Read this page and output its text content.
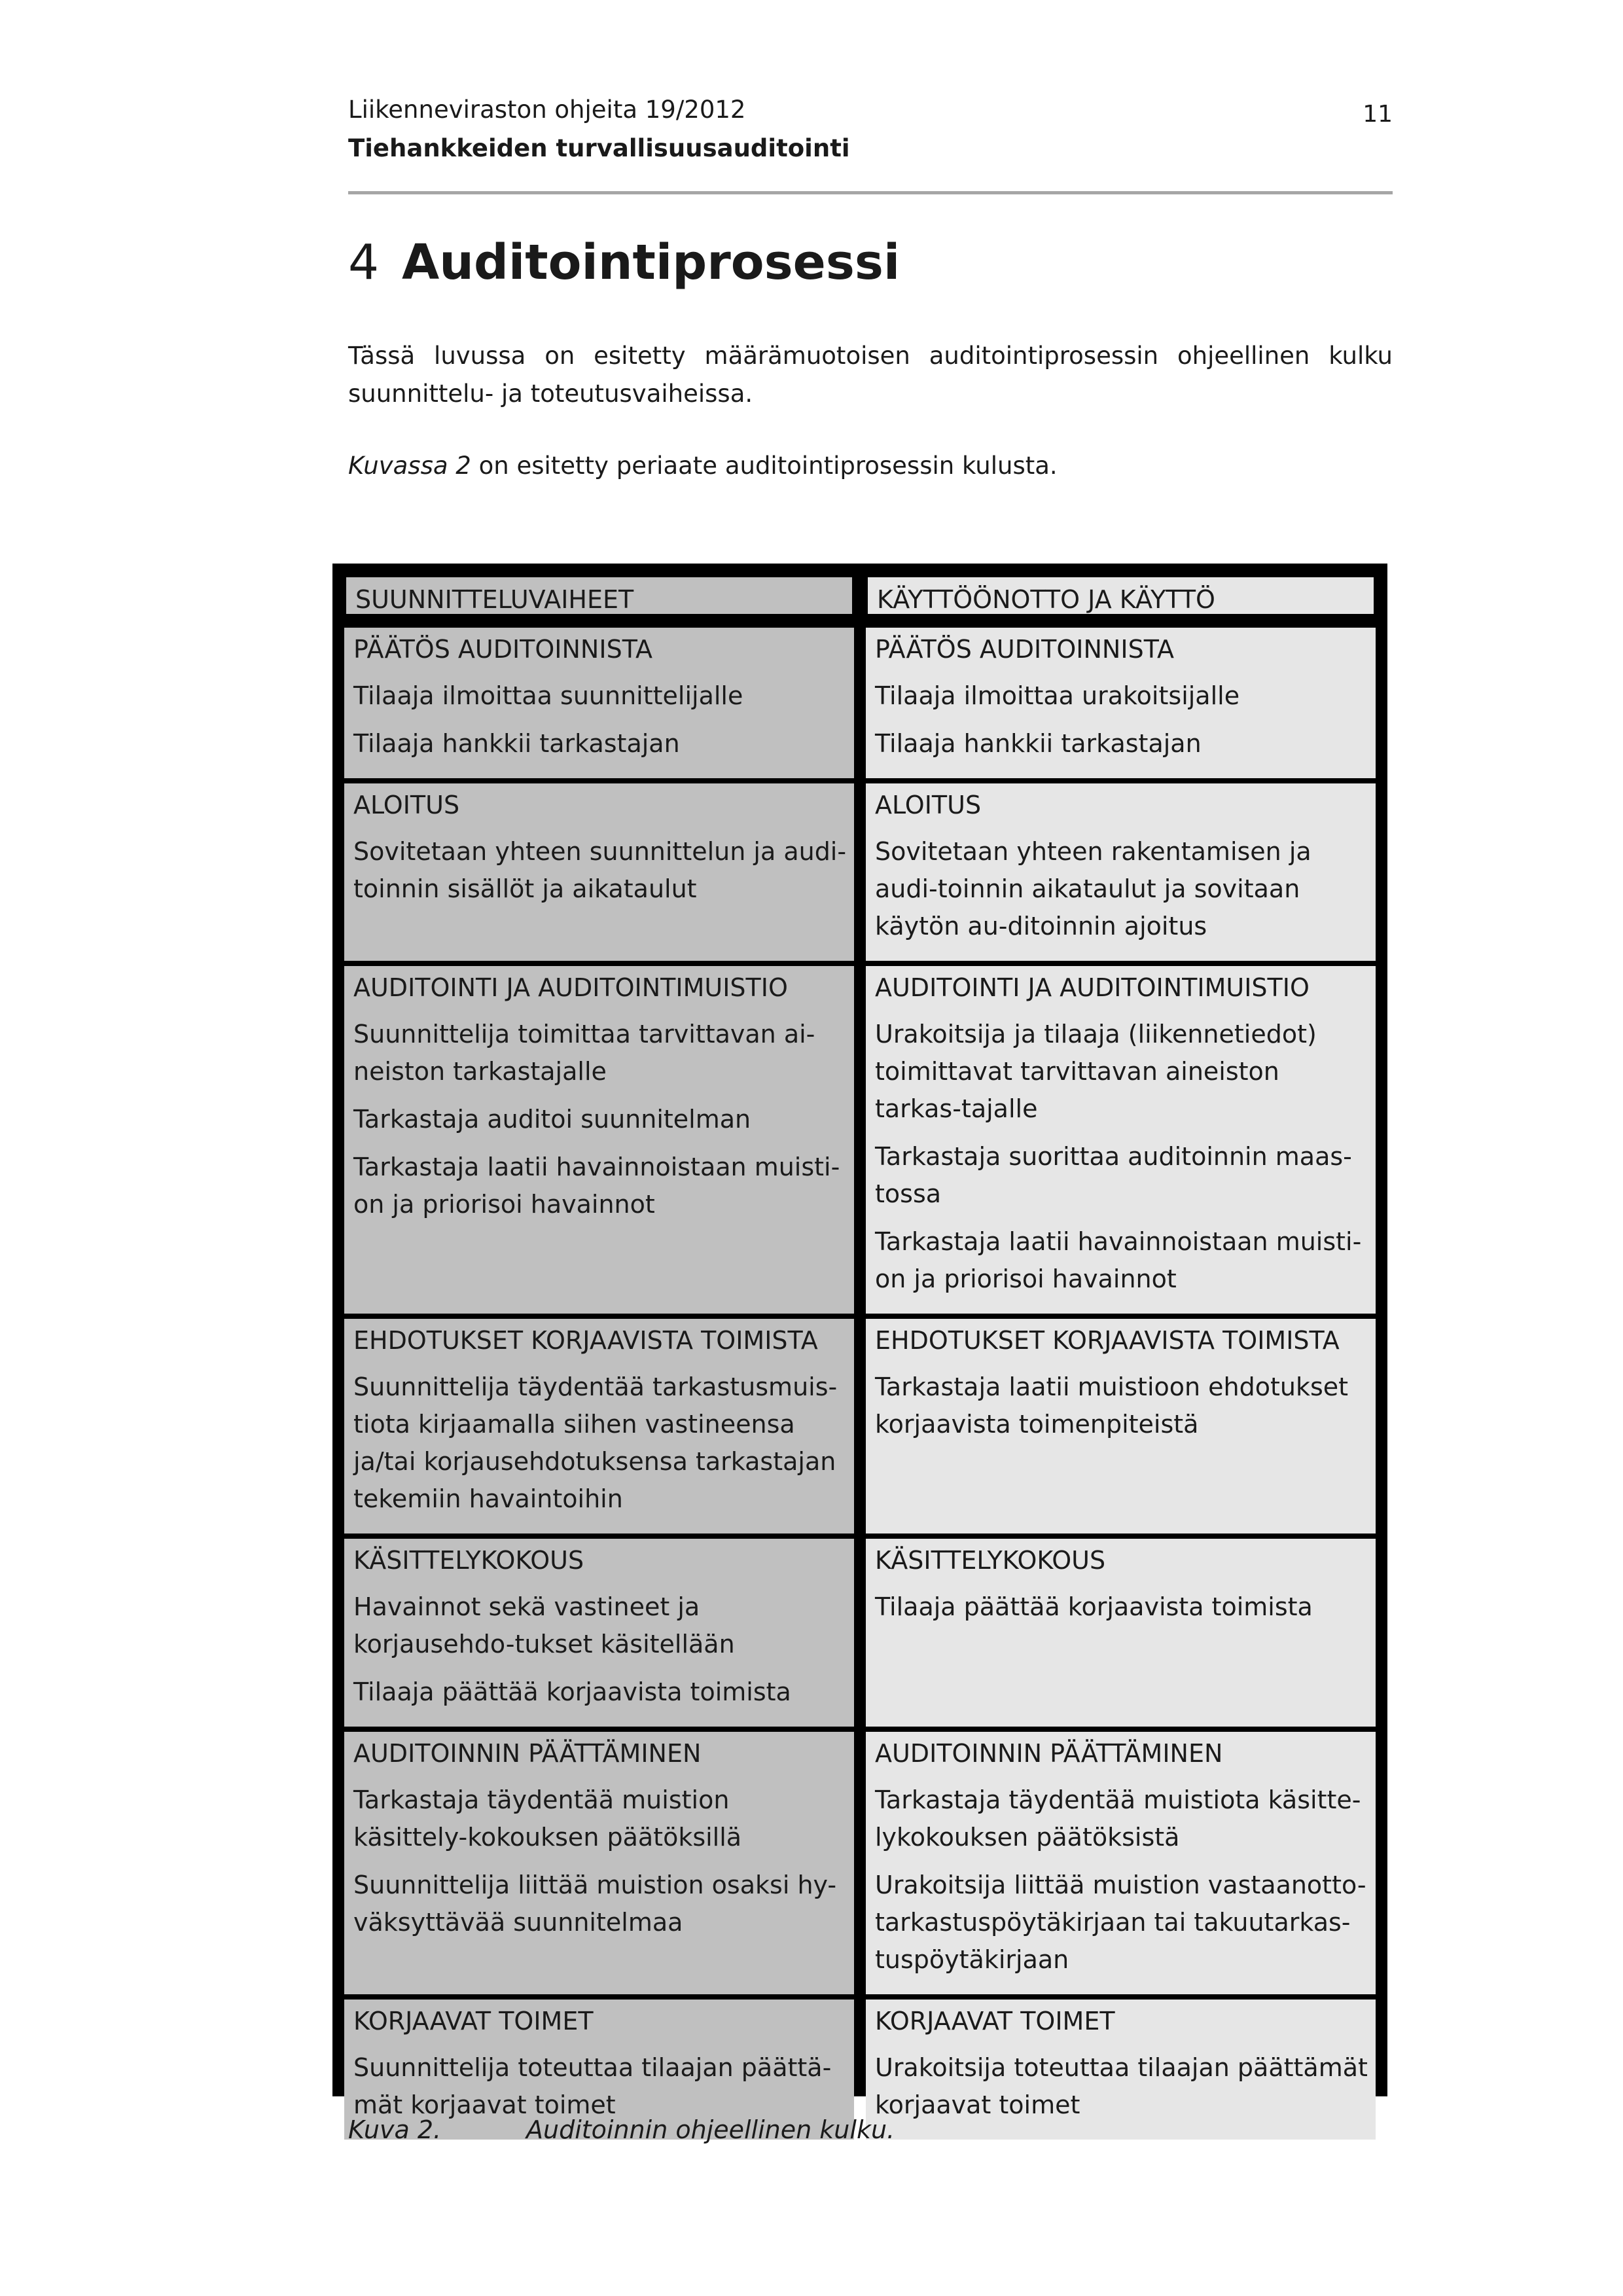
Liikenneviraston ohjeita 19/2012
Tiehankkeiden turvallisuusauditointi
11
4 Auditointiprosessi
Tässä luvussa on esitetty määrämuotoisen auditointiprosessin ohjeellinen kulku suunnittelu- ja toteutusvaiheissa.
Kuvassa 2 on esitetty periaate auditointiprosessin kulusta.
SUUNNITTELUVAIHEET	KÄYTTÖÖNOTTO JA KÄYTTÖ
PÄÄTÖS AUDITOINNISTA
Tilaaja ilmoittaa suunnittelijalle
Tilaaja hankkii tarkastajan
PÄÄTÖS AUDITOINNISTA
Tilaaja ilmoittaa urakoitsijalle
Tilaaja hankkii tarkastajan
ALOITUS
Sovitetaan yhteen suunnittelun ja audi-toinnin sisällöt ja aikataulut
ALOITUS
Sovitetaan yhteen rakentamisen ja audi-toinnin aikataulut ja sovitaan käytön au-ditoinnin ajoitus
AUDITOINTI JA AUDITOINTIMUISTIO
Suunnittelija toimittaa tarvittavan ai-neiston tarkastajalle
Tarkastaja auditoi suunnitelman
Tarkastaja laatii havainnoistaan muisti-on ja priorisoi havainnot
AUDITOINTI JA AUDITOINTIMUISTIO
Urakoitsija ja tilaaja (liikennetiedot) toimittavat tarvittavan aineiston tarkas-tajalle
Tarkastaja suorittaa auditoinnin maas-tossa
Tarkastaja laatii havainnoistaan muisti-on ja priorisoi havainnot
EHDOTUKSET KORJAAVISTA TOIMISTA
Suunnittelija täydentää tarkastusmuis-tiota kirjaamalla siihen vastineensa ja/tai korjausehdotuksensa tarkastajan tekemiin havaintoihin
EHDOTUKSET KORJAAVISTA TOIMISTA
Tarkastaja laatii muistioon ehdotukset korjaavista toimenpiteistä
KÄSITTELYKOKOUS
Havainnot sekä vastineet ja korjausehdo-tukset käsitellään
Tilaaja päättää korjaavista toimista
KÄSITTELYKOKOUS
Tilaaja päättää korjaavista toimista
AUDITOINNIN PÄÄTTÄMINEN
Tarkastaja täydentää muistion käsittely-kokouksen päätöksillä
Suunnittelija liittää muistion osaksi hy-väksyttävää suunnitelmaa
AUDITOINNIN PÄÄTTÄMINEN
Tarkastaja täydentää muistiota käsitte-lykokouksen päätöksistä
Urakoitsija liittää muistion vastaanotto-tarkastuspöytäkirjaan tai takuutarkas-tuspöytäkirjaan
KORJAAVAT TOIMET
Suunnittelija toteuttaa tilaajan päättä-mät korjaavat toimet
KORJAAVAT TOIMET
Urakoitsija toteuttaa tilaajan päättämät korjaavat toimet
Kuva 2.	Auditoinnin ohjeellinen kulku.
